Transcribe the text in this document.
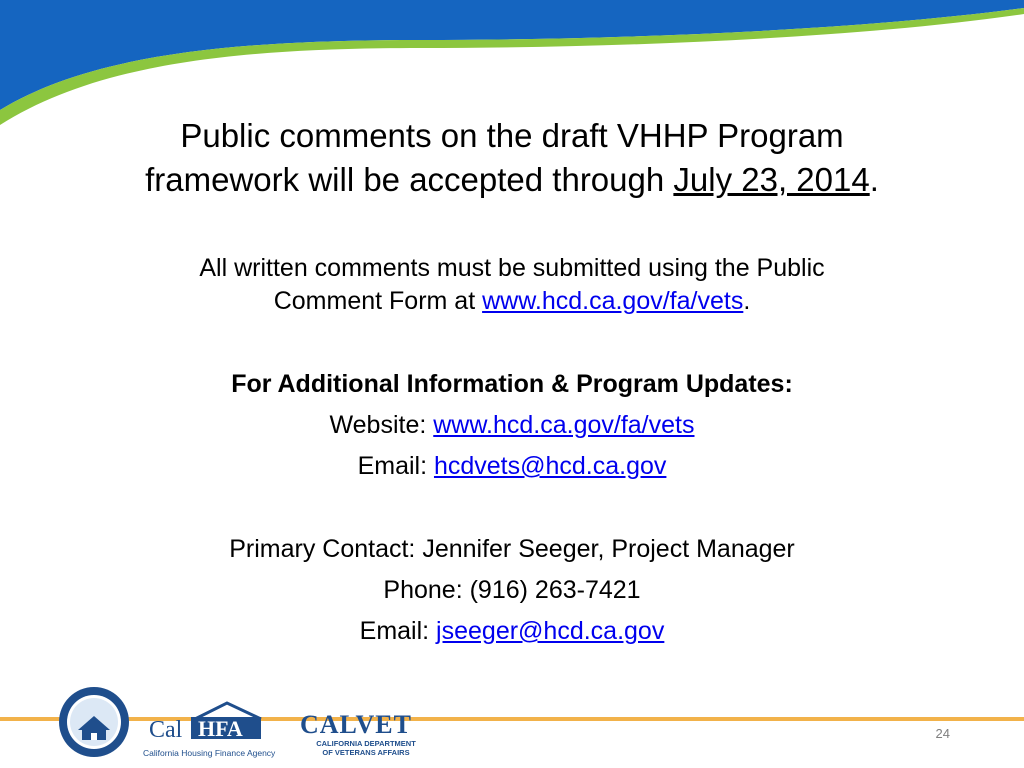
Public comments on the draft VHHP Program
framework will be accepted through July 23, 2014.
All written comments must be submitted using the Public
Comment Form at www.hcd.ca.gov/fa/vets.
For Additional Information & Program Updates:
Website: www.hcd.ca.gov/fa/vets
Email: hcdvets@hcd.ca.gov
Primary Contact: Jennifer Seeger, Project Manager
Phone: (916) 263-7421
Email: jseeger@hcd.ca.gov
Cal HFA
California Housing Finance Agency
CALVET
CALIFORNIA DEPARTMENT
OF VETERANS AFFAIRS
24
